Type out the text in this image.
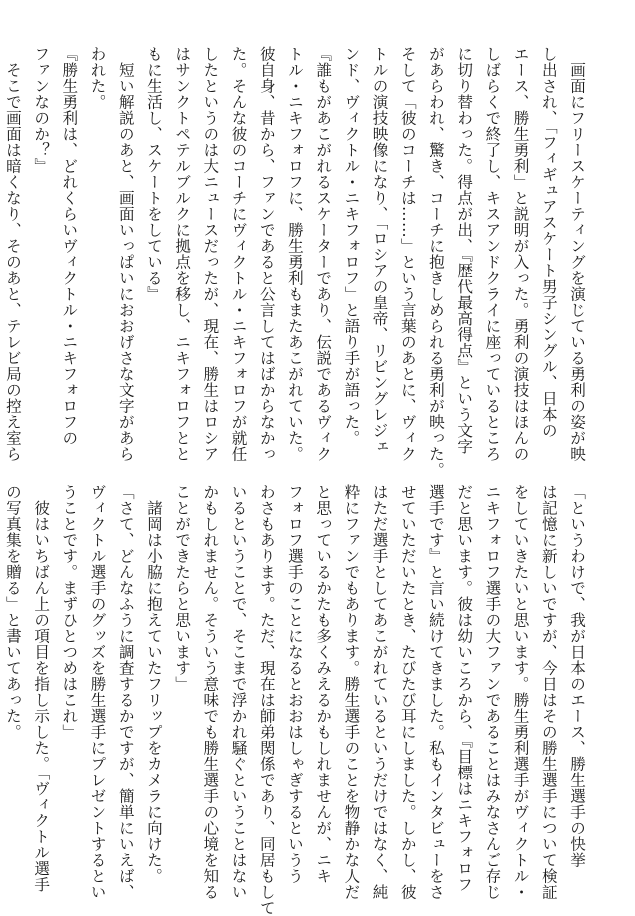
　画面にフリースケーティングを演じている勇利の姿が映
し出され、「フィギュアスケート男子シングル、日本の
エース、勝生勇利」と説明が入った。勇利の演技はほんの
しばらくで終了し、キスアンドクライに座っているところ
に切り替わった。得点が出、『歴代最高得点』という文字
があらわれ、驚き、コーチに抱きしめられる勇利が映った。
そして「彼のコーチは……」という言葉のあとに、ヴィク
トルの演技映像になり、「ロシアの皇帝、リビングレジェ
ンド、ヴィクトル・ニキフォロフ」と語り手が語った。
『誰もがあこがれるスケーターであり、伝説であるヴィク
トル・ニキフォロフに、勝生勇利もまたあこがれていた。
彼自身、昔から、ファンであると公言してはばからなかっ
た。そんな彼のコーチにヴィクトル・ニキフォロフが就任
したというのは大ニュースだったが、現在、勝生はロシア
はサンクトペテルブルクに拠点を移し、ニキフォロフとと
もに生活し、スケートをしている』
　短い解説のあと、画面いっぱいにおおげさな文字があら
われた。
『勝生勇利は、どれくらいヴィクトル・ニキフォロフの
ファンなのか？』
　そこで画面は暗くなり、そのあと、テレビ局の控え室ら
「というわけで、我が日本のエース、勝生選手の快挙
は記憶に新しいですが、今日はその勝生選手について検証
をしていきたいと思います。勝生勇利選手がヴィクトル・
ニキフォロフ選手の大ファンであることはみなさんご存じ
だと思います。彼は幼いころから、『目標はニキフォロフ
選手です』と言い続けてきました。私もインタビューをさ
せていただいたとき、たびたび耳にしました。しかし、彼
はただ選手としてあこがれているというだけではなく、純
粋にファンでもあります。勝生選手のことを物静かな人だ
と思っているかたも多くみえるかもしれませんが、ニキ
フォロフ選手のことになるとおおはしゃぎするというう
わさもあります。ただ、現在は師弟関係であり、同居もして
いるということで、そこまで浮かれ騒ぐということはない
かもしれません。そういう意味でも勝生選手の心境を知る
ことができたらと思います」
　諸岡は小脇に抱えていたフリップをカメラに向けた。
「さて、どんなふうに調査するかですが、簡単にいえば、
ヴィクトル選手のグッズを勝生選手にプレゼントするとい
うことです。まずひとつめはこれ」
　彼はいちばん上の項目を指し示した。「ヴィクトル選手
の写真集を贈る」と書いてあった。
